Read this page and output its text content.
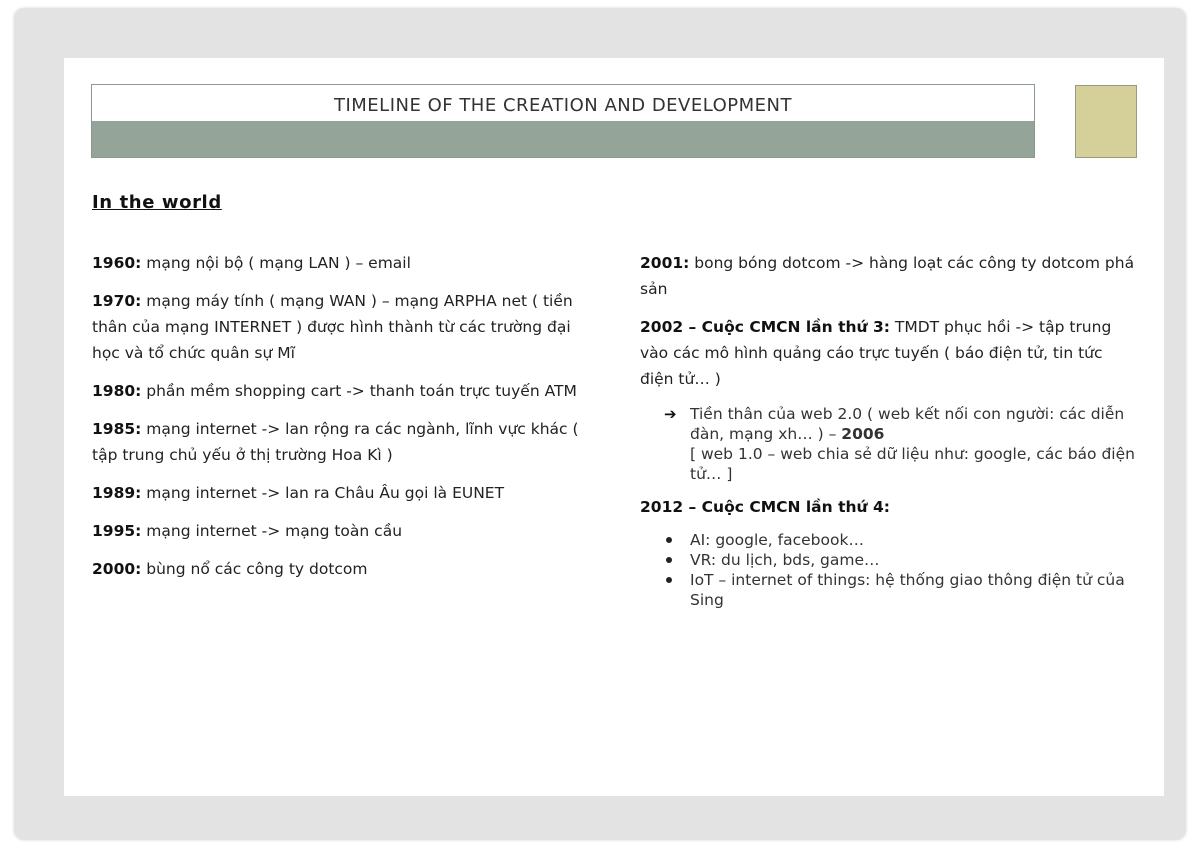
TIMELINE OF THE CREATION AND DEVELOPMENT
In the world

1960: mạng nội bộ ( mạng LAN ) – email

1970: mạng máy tính ( mạng WAN ) – mạng ARPHA net ( tiền thân của mạng INTERNET ) được hình thành từ các trường đại học và tổ chức quân sự Mĩ

1980: phần mềm shopping cart -> thanh toán trực tuyến ATM

1985: mạng internet -> lan rộng ra các ngành, lĩnh vực khác ( tập trung chủ yếu ở thị trường Hoa Kì )

1989: mạng internet -> lan ra Châu Âu gọi là EUNET

1995: mạng internet -> mạng toàn cầu

2000: bùng nổ các công ty dotcom

2001: bong bóng dotcom -> hàng loạt các công ty dotcom phá sản

2002 – Cuộc CMCN lần thứ 3: TMDT phục hồi -> tập trung vào các mô hình quảng cáo trực tuyến ( báo điện tử, tin tức điện tử… )

➔ Tiền thân của web 2.0 ( web kết nối con người: các diễn đàn, mạng xh… ) – 2006
[ web 1.0 – web chia sẻ dữ liệu như: google, các báo điện tử… ]

2012 – Cuộc CMCN lần thứ 4:

AI: google, facebook…
VR: du lịch, bds, game…
IoT – internet of things: hệ thống giao thông điện tử của Sing
